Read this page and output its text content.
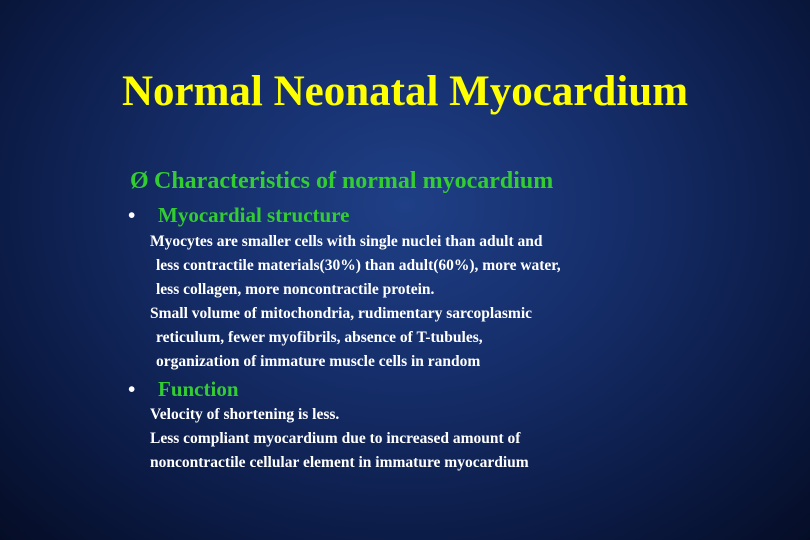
Normal Neonatal Myocardium
Ø Characteristics of normal myocardium
• Myocardial structure
Myocytes are smaller cells with single nuclei than adult and
less contractile materials(30%) than adult(60%), more water,
less collagen, more noncontractile protein.
Small volume of mitochondria, rudimentary sarcoplasmic
reticulum, fewer myofibrils, absence of T-tubules,
organization of immature muscle cells in random
• Function
Velocity of shortening is less.
Less compliant myocardium due to increased amount of
noncontractile cellular element in immature myocardium
